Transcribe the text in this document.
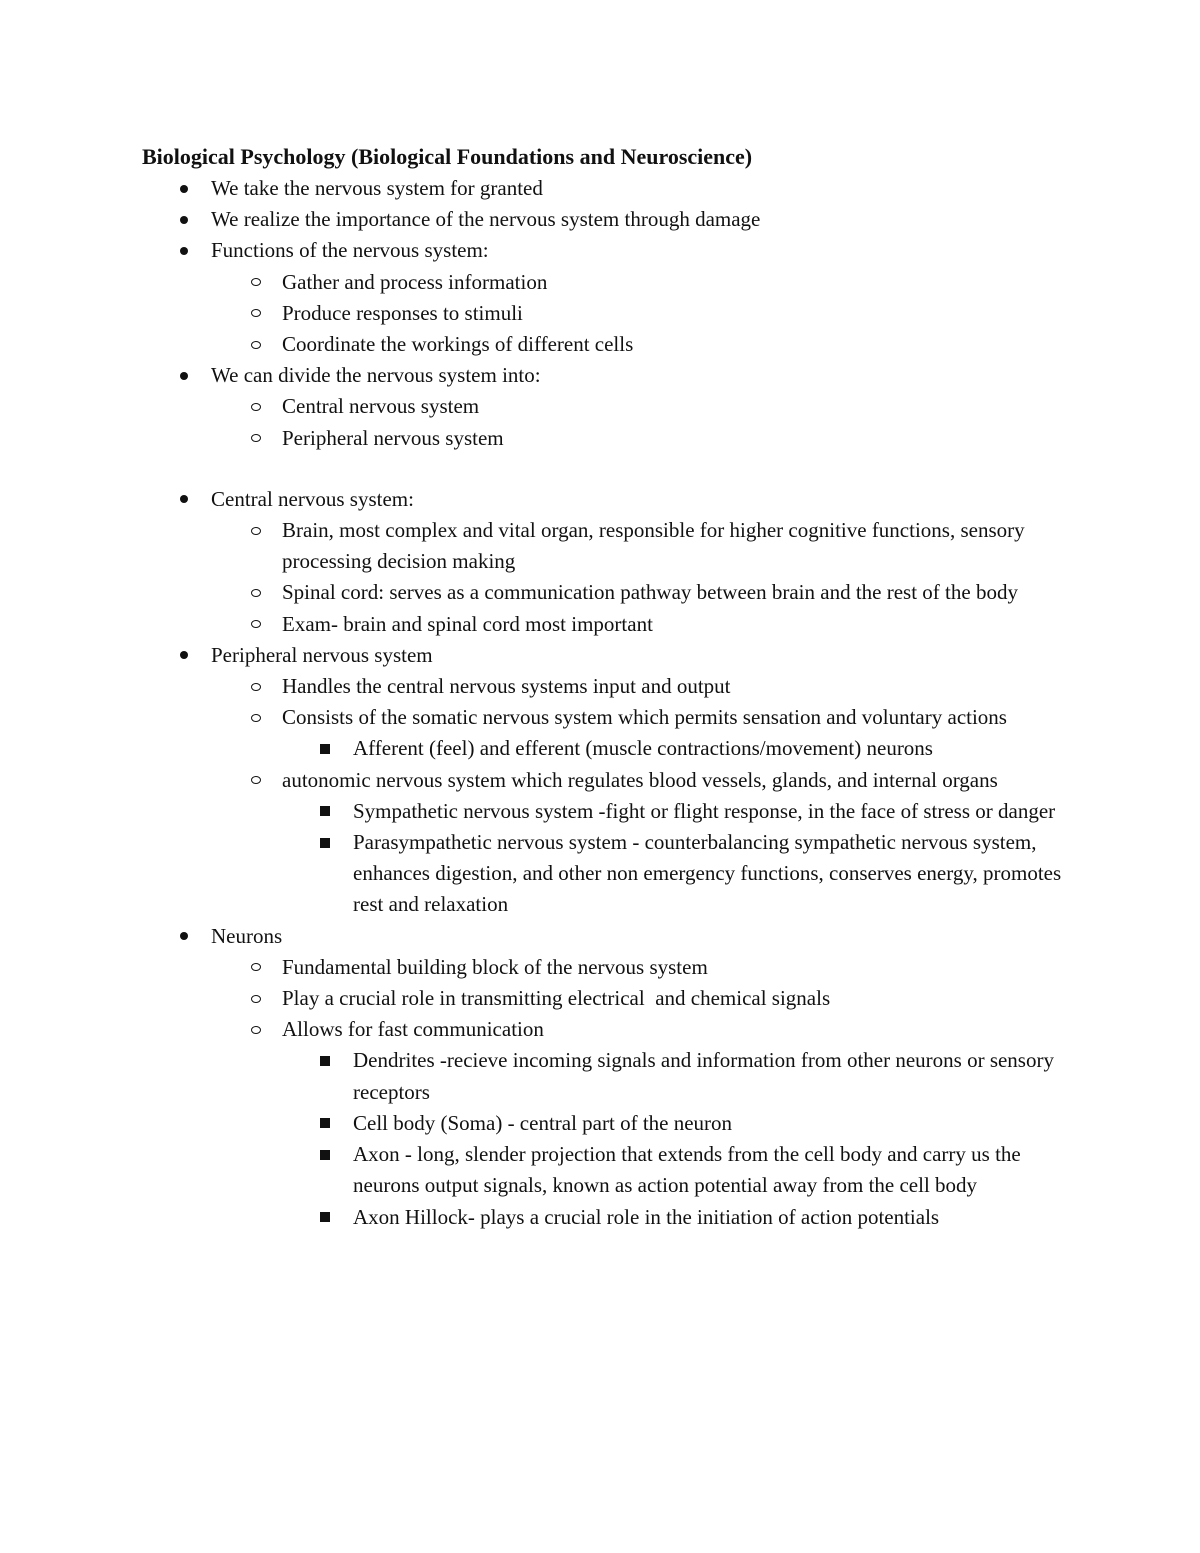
Biological Psychology (Biological Foundations and Neuroscience)
We take the nervous system for granted
We realize the importance of the nervous system through damage
Functions of the nervous system:
Gather and process information
Produce responses to stimuli
Coordinate the workings of different cells
We can divide the nervous system into:
Central nervous system
Peripheral nervous system
Central nervous system:
Brain, most complex and vital organ, responsible for higher cognitive functions, sensory processing decision making
Spinal cord: serves as a communication pathway between brain and the rest of the body
Exam- brain and spinal cord most important
Peripheral nervous system
Handles the central nervous systems input and output
Consists of the somatic nervous system which permits sensation and voluntary actions
Afferent (feel) and efferent (muscle contractions/movement) neurons
autonomic nervous system which regulates blood vessels, glands, and internal organs
Sympathetic nervous system -fight or flight response, in the face of stress or danger
Parasympathetic nervous system - counterbalancing sympathetic nervous system, enhances digestion, and other non emergency functions, conserves energy, promotes rest and relaxation
Neurons
Fundamental building block of the nervous system
Play a crucial role in transmitting electrical  and chemical signals
Allows for fast communication
Dendrites -recieve incoming signals and information from other neurons or sensory receptors
Cell body (Soma) - central part of the neuron
Axon - long, slender projection that extends from the cell body and carry us the neurons output signals, known as action potential away from the cell body
Axon Hillock- plays a crucial role in the initiation of action potentials
